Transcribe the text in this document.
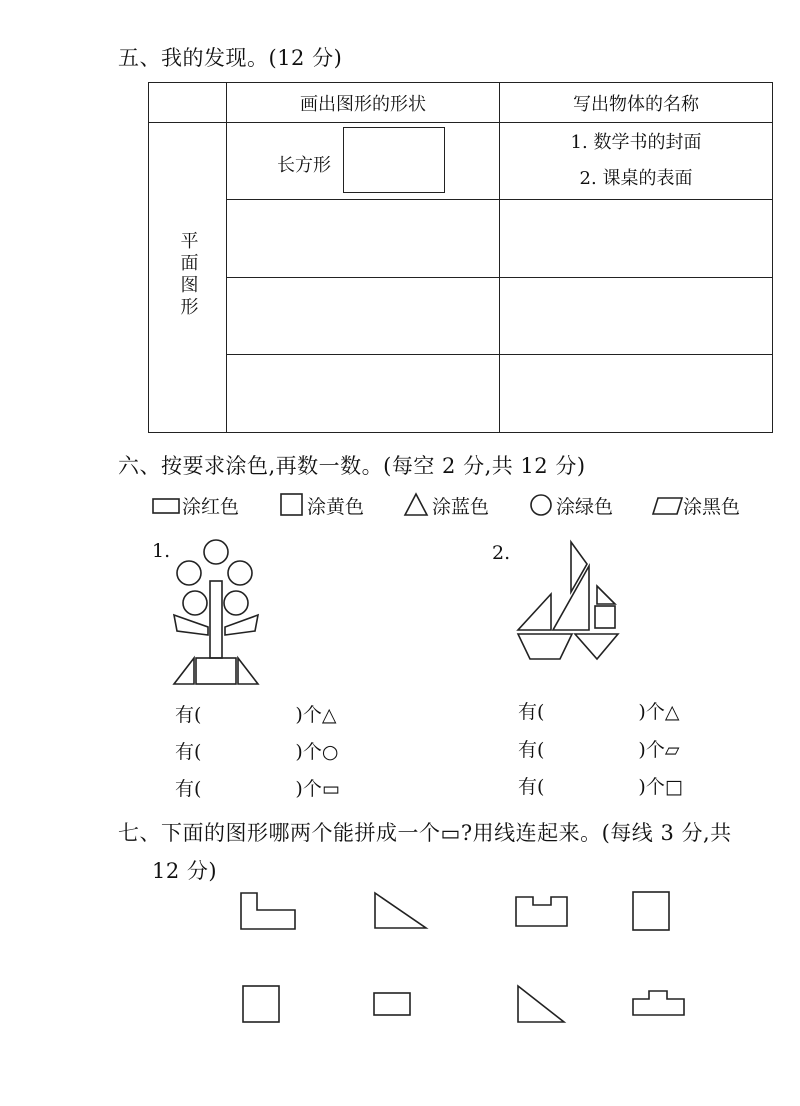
五、我的发现。(12 分)
	画出图形的形状	写出物体的名称
平面图形	长方形	1. 数学书的封面
2. 课桌的表面

六、按要求涂色,再数一数。(每空 2 分,共 12 分)
涂红色	涂黄色	涂蓝色	涂绿色	涂黑色
1.	2.
有(	)个△
有(	)个○
有(	)个▭
有(	)个△
有(	)个▱
有(	)个□
七、下面的图形哪两个能拼成一个▭?用线连起来。(每线 3 分,共
12 分)
